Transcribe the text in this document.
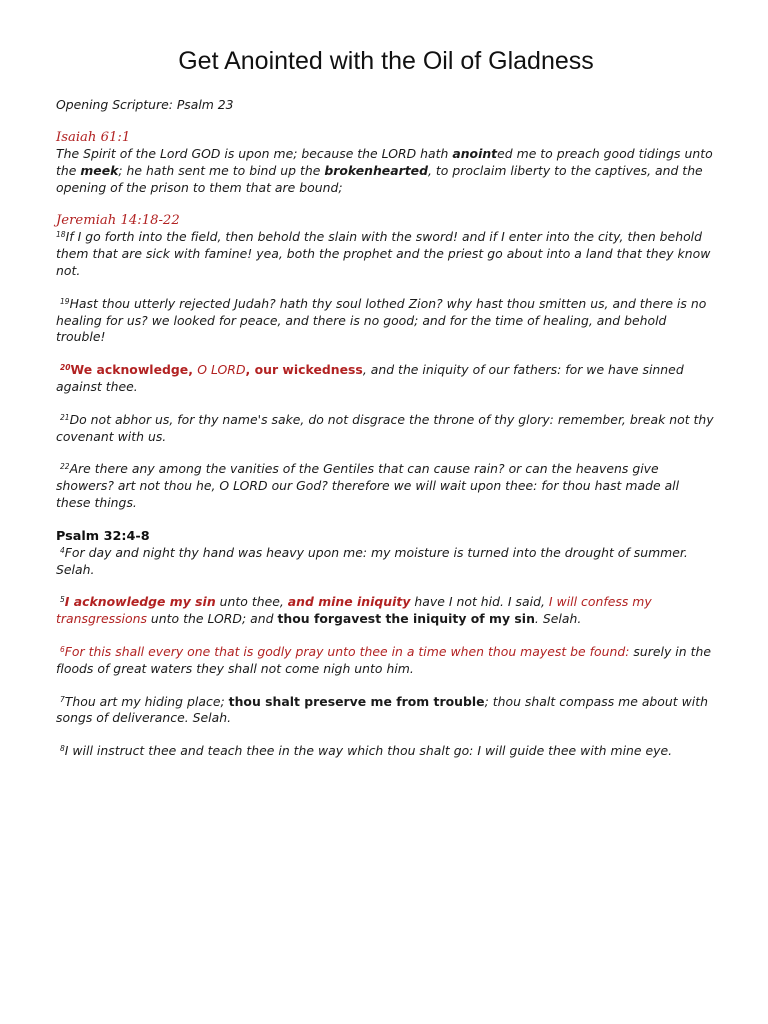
Get Anointed with the Oil of Gladness

Opening Scripture: Psalm 23

Isaiah 61:1

The Spirit of the Lord GOD is upon me; because the LORD hath anointed me to preach good tidings unto the meek; he hath sent me to bind up the brokenhearted, to proclaim liberty to the captives, and the opening of the prison to them that are bound;

Jeremiah 14:18-22

$^{18}$If I go forth into the field, then behold the slain with the sword! and if I enter into the city, then behold them that are sick with famine! yea, both the prophet and the priest go about into a land that they know not.

$^{19}$Hast thou utterly rejected Judah? hath thy soul lothed Zion? why hast thou smitten us, and there is no healing for us? we looked for peace, and there is no good; and for the time of healing, and behold trouble!

$^{20}$We acknowledge, O LORD, our wickedness, and the iniquity of our fathers: for we have sinned against thee.

$^{21}$Do not abhor us, for thy name's sake, do not disgrace the throne of thy glory: remember, break not thy covenant with us.

$^{22}$Are there any among the vanities of the Gentiles that can cause rain? or can the heavens give showers? art not thou he, O LORD our God? therefore we will wait upon thee: for thou hast made all these things.

Psalm 32:4-8

$^4$For day and night thy hand was heavy upon me: my moisture is turned into the drought of summer. Selah.

$^5$I acknowledge my sin unto thee, and mine iniquity have I not hid. I said, I will confess my transgressions unto the LORD; and thou forgavest the iniquity of my sin. Selah.

$^6$For this shall every one that is godly pray unto thee in a time when thou mayest be found: surely in the floods of great waters they shall not come nigh unto him.

$^7$Thou art my hiding place; thou shalt preserve me from trouble; thou shalt compass me about with songs of deliverance. Selah.

$^8$I will instruct thee and teach thee in the way which thou shalt go: I will guide thee with mine eye.
